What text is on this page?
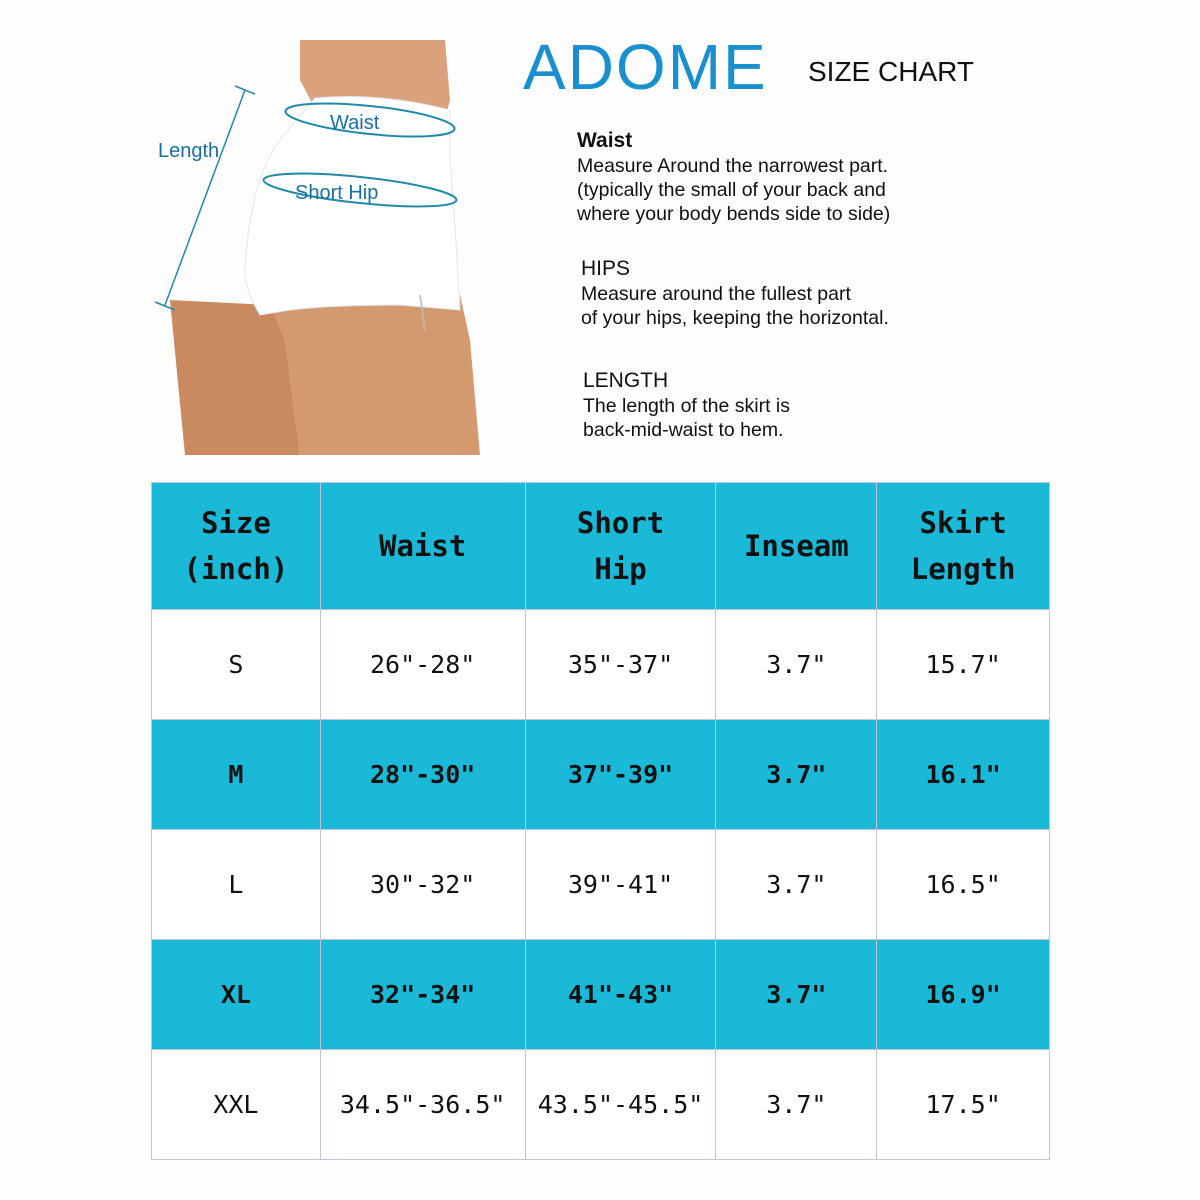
Length
Waist
Short Hip
ADOME SIZE CHART
Waist
Measure Around the narrowest part.
(typically the small of your back and
where your body bends side to side)
HIPS
Measure around the fullest part
of your hips, keeping the horizontal.
LENGTH
The length of the skirt is
back-mid-waist to hem.
Size
(inch)

Waist

Short
Hip

Inseam

Skirt
Length

S	26"-28"	35"-37"	3.7"	15.7"
M	28"-30"	37"-39"	3.7"	16.1"
L	30"-32"	39"-41"	3.7"	16.5"
XL	32"-34"	41"-43"	3.7"	16.9"
XXL	34.5"-36.5"	43.5"-45.5"	3.7"	17.5"
